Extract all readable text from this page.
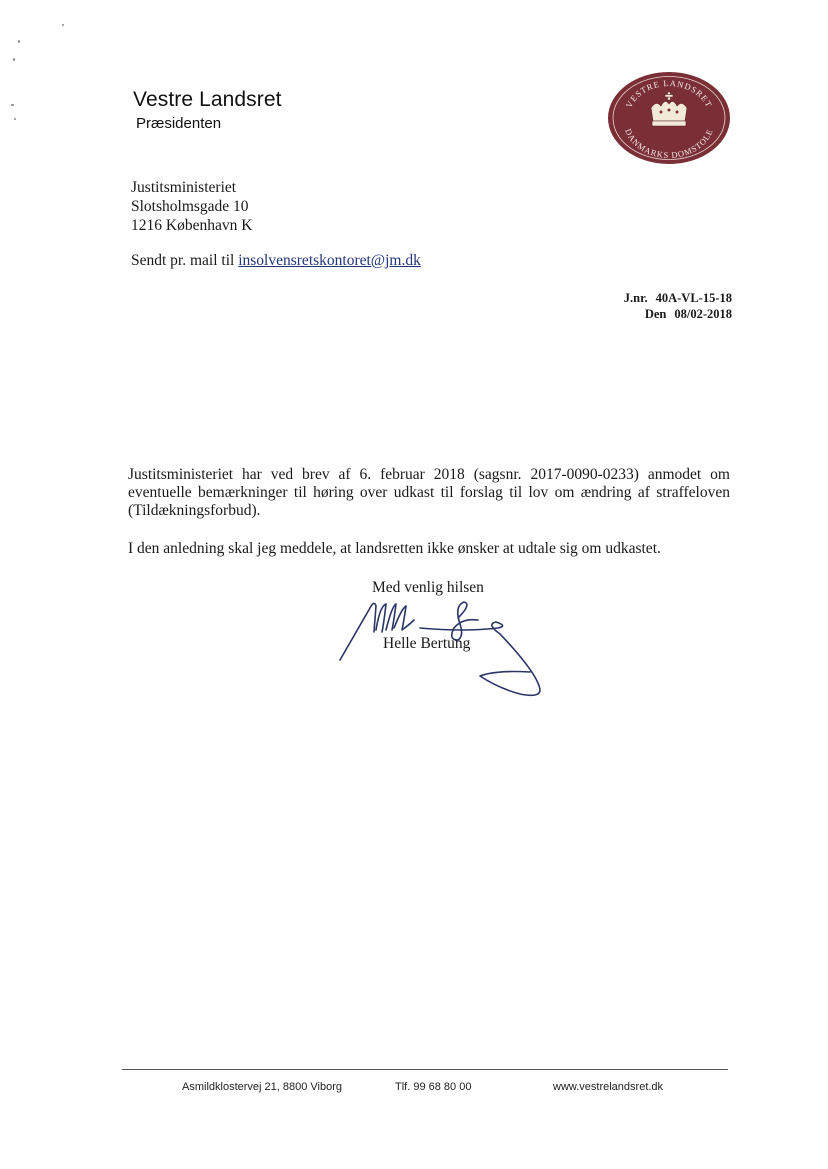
Vestre Landsret
Præsidenten
VESTRE LANDSRET
DANMARKS DOMSTOLE
Justitsministeriet
Slotsholmsgade 10
1216 København K
Sendt pr. mail til insolvensretskontoret@jm.dk
J.nr. 40A-VL-15-18
Den 08/02-2018

Justitsministeriet har ved brev af 6. februar 2018 (sagsnr. 2017-0090-0233) anmodet om eventuelle bemærkninger til høring over udkast til forslag til lov om ændring af straffeloven (Tildækningsforbud).

I den anledning skal jeg meddele, at landsretten ikke ønsker at udtale sig om udkastet.

Med venlig hilsen
Helle Bertung
Asmildklostervej 21, 8800 Viborg	Tlf. 99 68 80 00	www.vestrelandsret.dk
